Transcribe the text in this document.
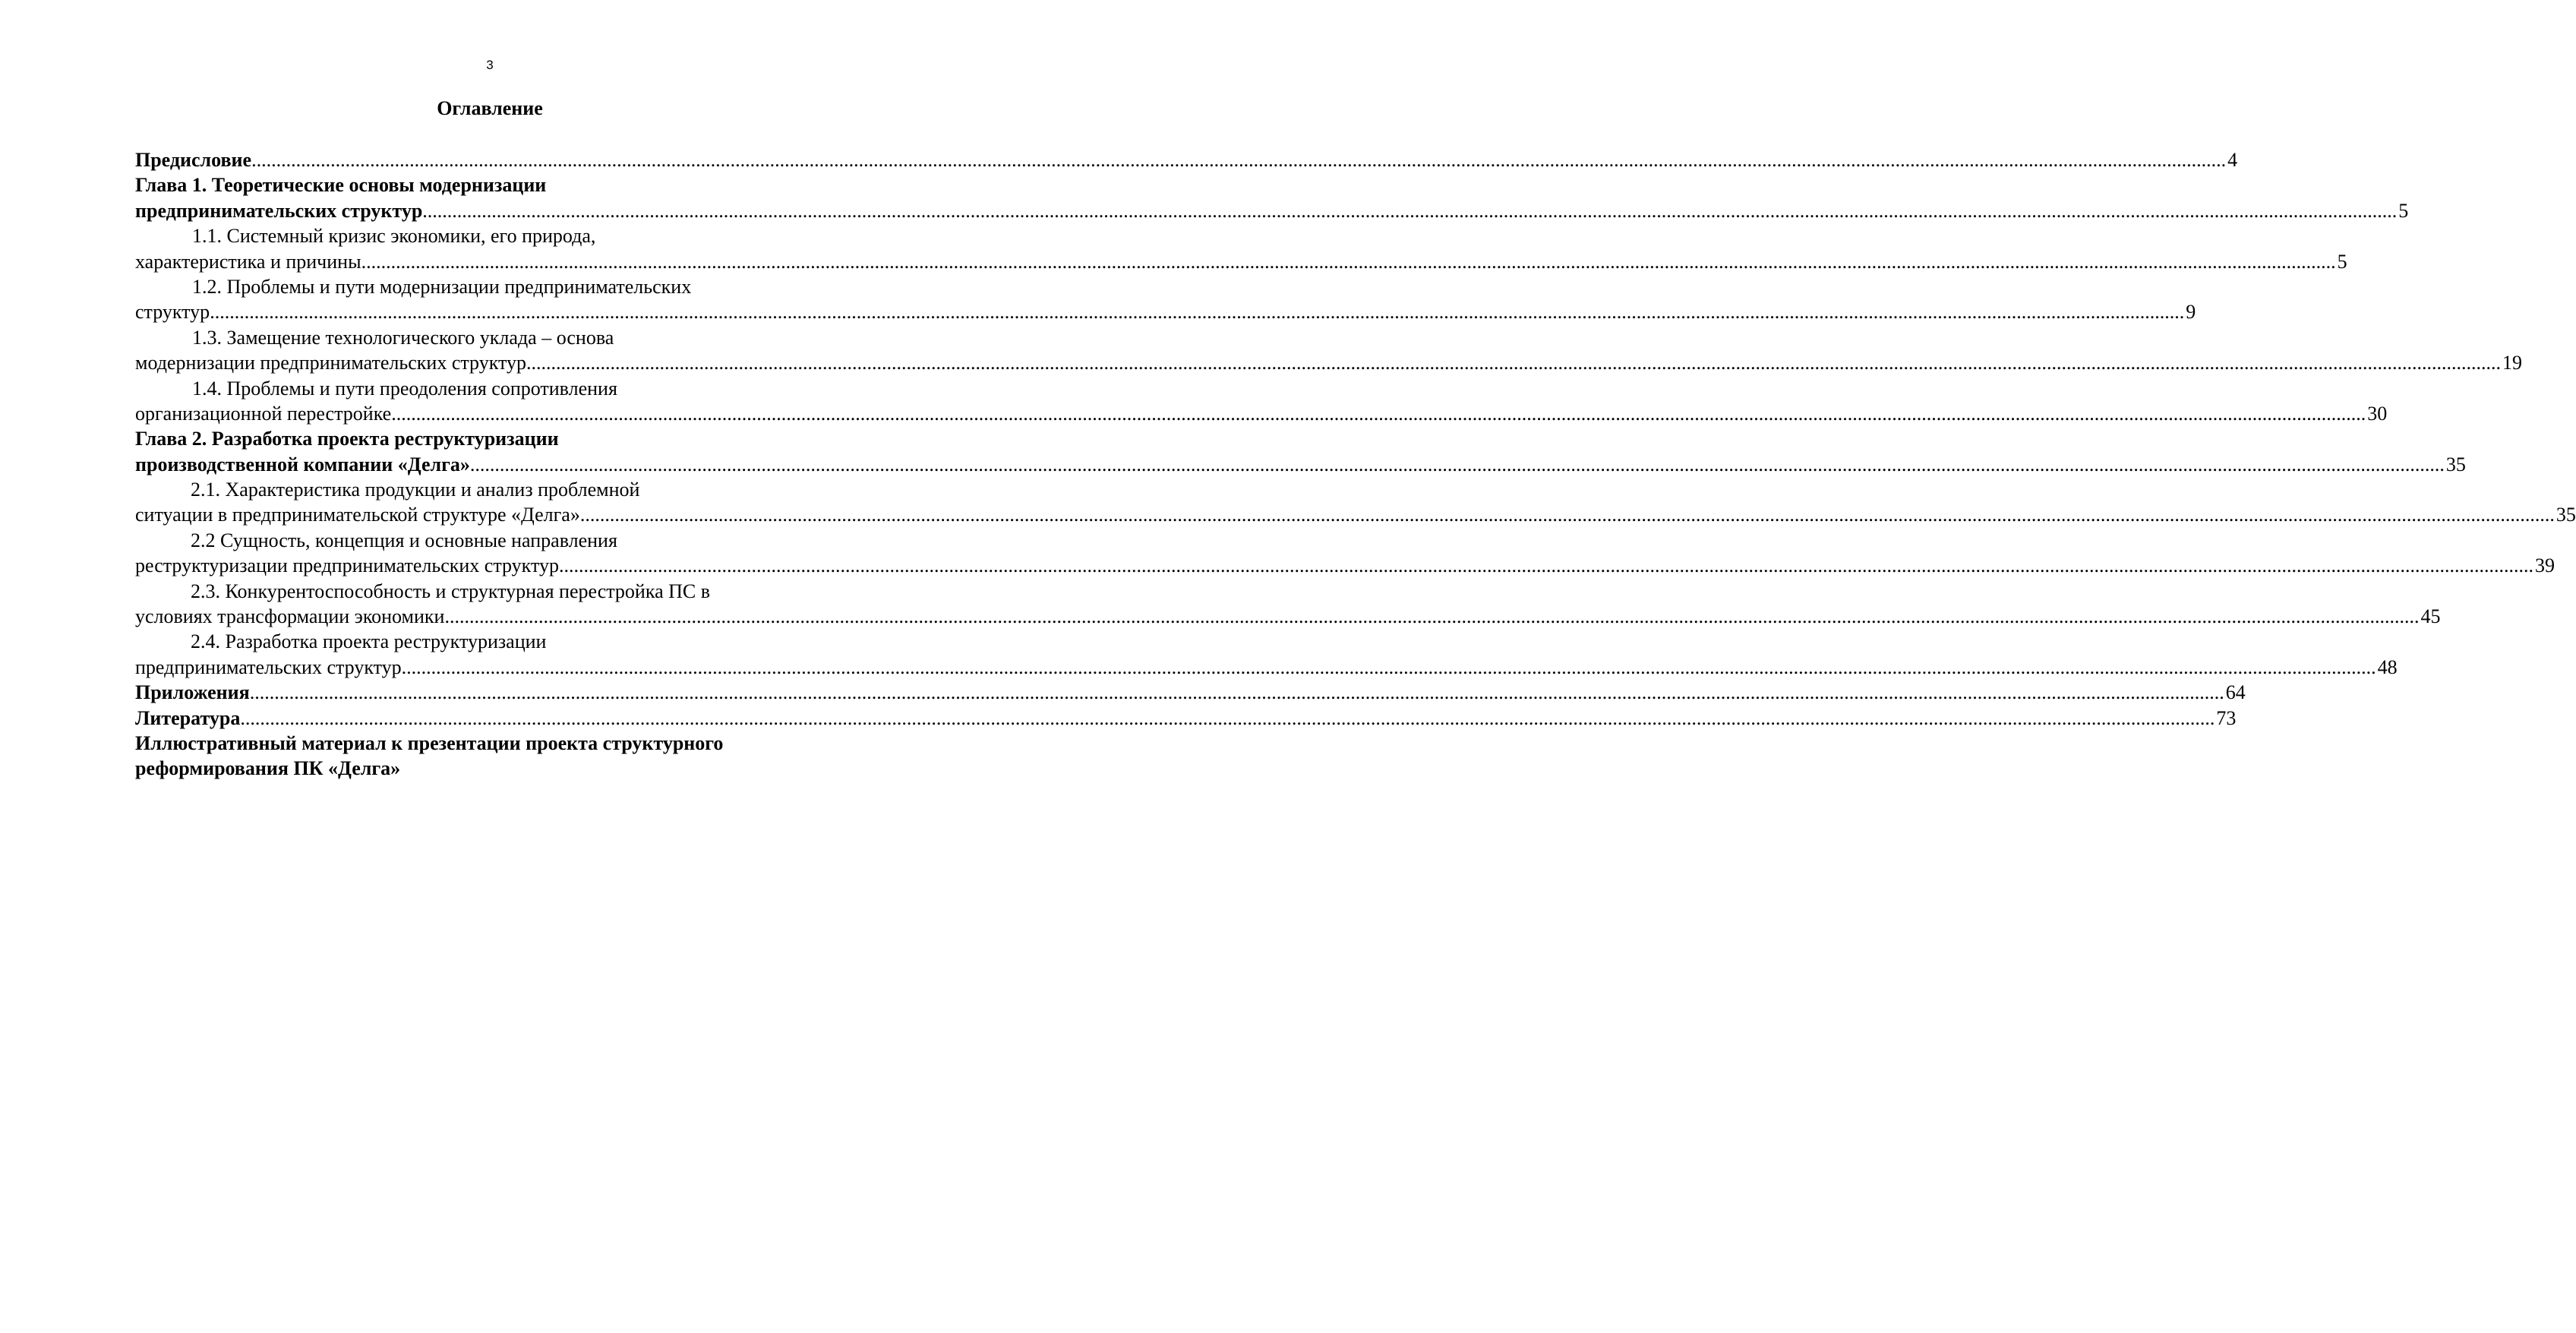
3
Оглавление
Предисловие ................................................................................................................................................................................................................................................................................................................................................................................................................ 4
Глава 1. Теоретические основы модернизации
предпринимательских структур ................................................................................................................................................................................................................................................................................................................................................................................................................ 5
1.1. Системный кризис экономики, его природа,
характеристика и причины ................................................................................................................................................................................................................................................................................................................................................................................................................ 5
1.2. Проблемы и пути модернизации предпринимательских
структур ................................................................................................................................................................................................................................................................................................................................................................................................................ 9
1.3. Замещение технологического уклада – основа
модернизации предпринимательских структур ................................................................................................................................................................................................................................................................................................................................................................................................................ 19
1.4. Проблемы и пути преодоления сопротивления
организационной перестройке ................................................................................................................................................................................................................................................................................................................................................................................................................ 30
Глава 2. Разработка проекта реструктуризации
производственной компании «Делга» ................................................................................................................................................................................................................................................................................................................................................................................................................ 35
2.1. Характеристика продукции и анализ проблемной
ситуации в предпринимательской структуре «Делга» ................................................................................................................................................................................................................................................................................................................................................................................................................ 35
2.2 Сущность, концепция и основные направления
реструктуризации предпринимательских структур ................................................................................................................................................................................................................................................................................................................................................................................................................ 39
2.3. Конкурентоспособность и структурная перестройка ПС в
условиях трансформации экономики ................................................................................................................................................................................................................................................................................................................................................................................................................ 45
2.4. Разработка проекта реструктуризации
предпринимательских структур ................................................................................................................................................................................................................................................................................................................................................................................................................ 48
Приложения ................................................................................................................................................................................................................................................................................................................................................................................................................ 64
Литература ................................................................................................................................................................................................................................................................................................................................................................................................................ 73
Иллюстративный материал к презентации проекта структурного
реформирования ПК «Делга»
